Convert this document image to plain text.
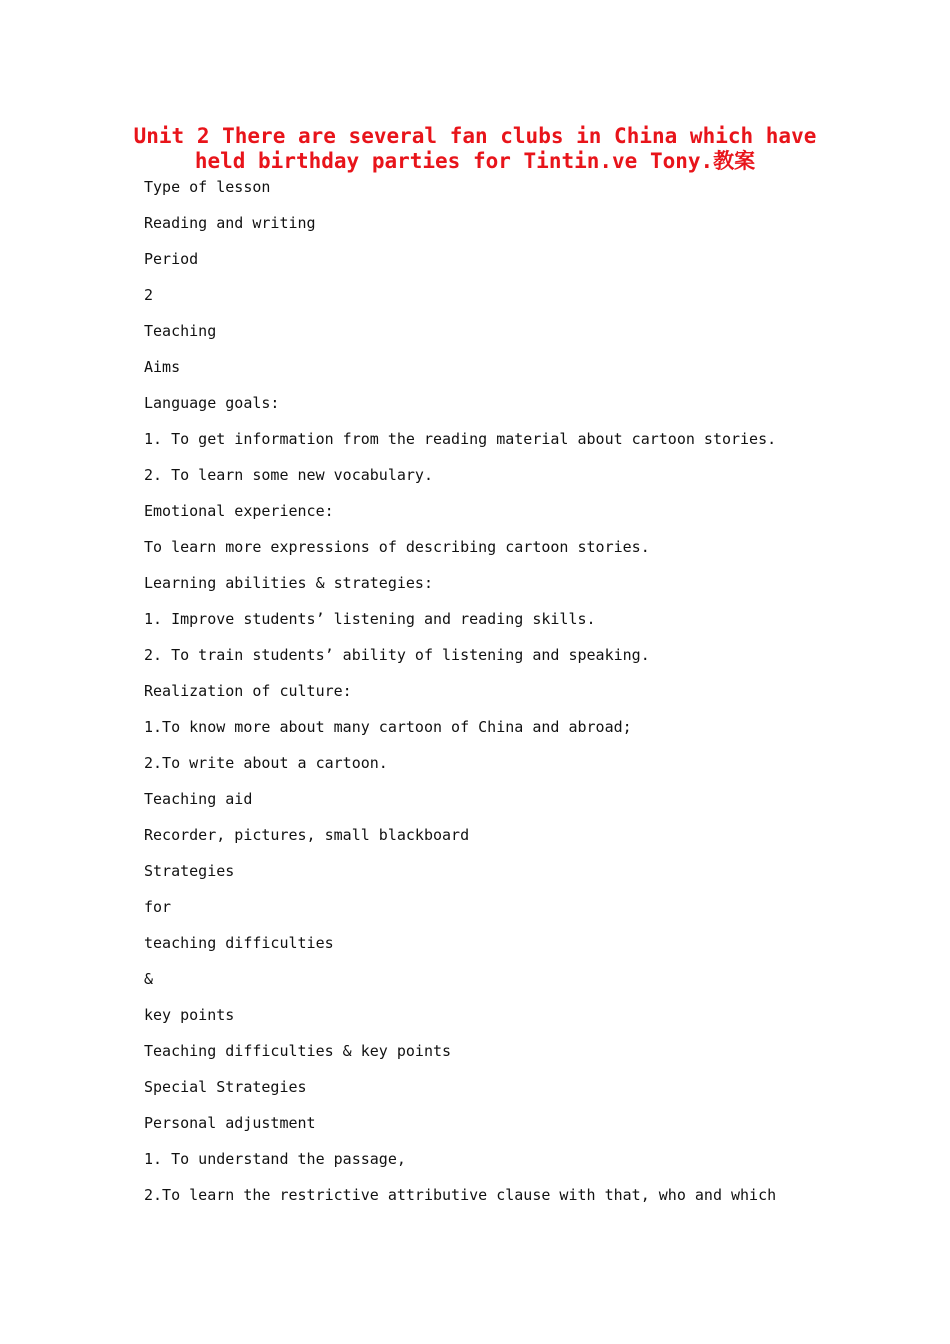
Unit 2 There are several fan clubs in China which have held birthday parties for Tintin.ve Tony.教案
Type of lesson
Reading and writing
Period
2
Teaching
Aims
Language goals:
1. To get information from the reading material about cartoon stories.
2. To learn some new vocabulary.
Emotional experience:
To learn more expressions of describing cartoon stories.
Learning abilities & strategies:
1. Improve students’ listening and reading skills.
2. To train students’ ability of listening and speaking.
Realization of culture:
1.To know more about many cartoon of China and abroad;
2.To write about a cartoon.
Teaching aid
Recorder, pictures, small blackboard
Strategies
for
teaching difficulties
&
key points
Teaching difficulties & key points
Special Strategies
Personal adjustment
1. To understand the passage,
2.To learn the restrictive attributive clause with that, who and which
